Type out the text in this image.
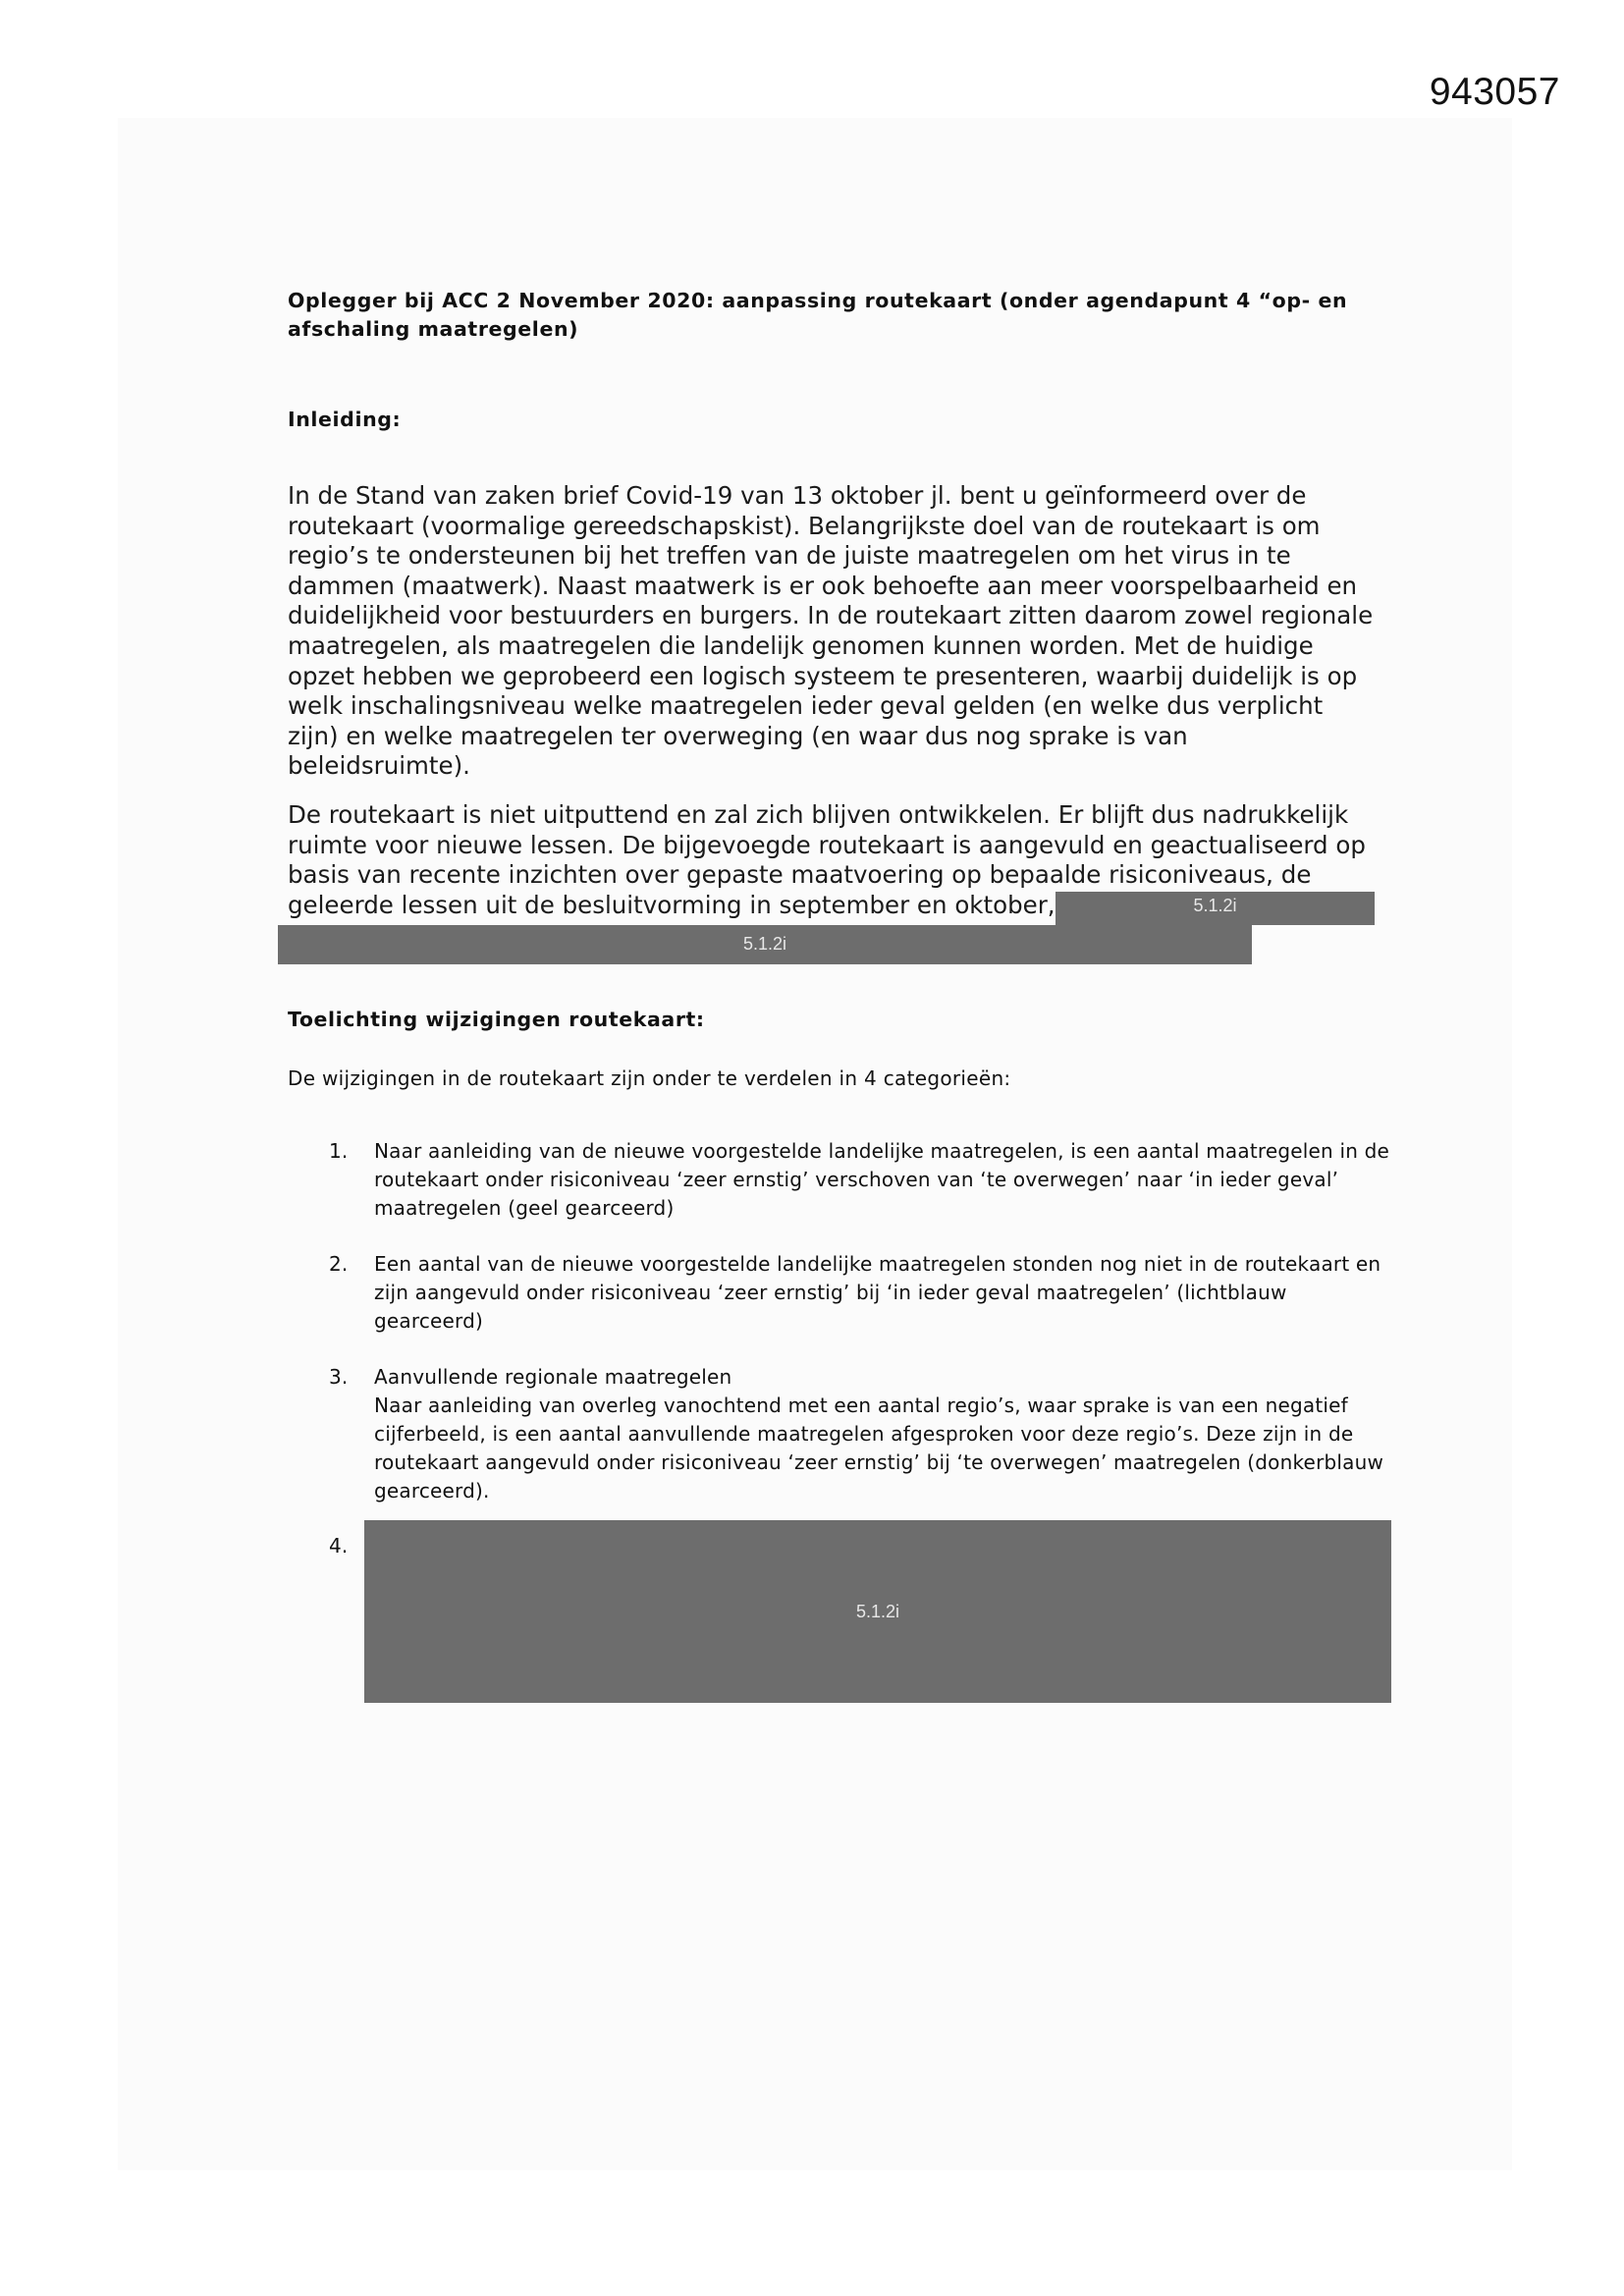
943057
Oplegger bij ACC 2 November 2020: aanpassing routekaart (onder agendapunt 4 “op- en afschaling maatregelen)
Inleiding:
In de Stand van zaken brief Covid-19 van 13 oktober jl. bent u geïnformeerd over de routekaart (voormalige gereedschapskist). Belangrijkste doel van de routekaart is om regio’s te ondersteunen bij het treffen van de juiste maatregelen om het virus in te dammen (maatwerk). Naast maatwerk is er ook behoefte aan meer voorspelbaarheid en duidelijkheid voor bestuurders en burgers. In de routekaart zitten daarom zowel regionale maatregelen, als maatregelen die landelijk genomen kunnen worden. Met de huidige opzet hebben we geprobeerd een logisch systeem te presenteren, waarbij duidelijk is op welk inschalingsniveau welke maatregelen ieder geval gelden (en welke dus verplicht zijn) en welke maatregelen ter overweging (en waar dus nog sprake is van beleidsruimte).
De routekaart is niet uitputtend en zal zich blijven ontwikkelen. Er blijft dus nadrukkelijk ruimte voor nieuwe lessen. De bijgevoegde routekaart is aangevuld en geactualiseerd op basis van recente inzichten over gepaste maatvoering op bepaalde risiconiveaus, de geleerde lessen uit de besluitvorming in september en oktober,	5.1.2i
5.1.2i
Toelichting wijzigingen routekaart:
De wijzigingen in de routekaart zijn onder te verdelen in 4 categorieën:
1.	Naar aanleiding van de nieuwe voorgestelde landelijke maatregelen, is een aantal maatregelen in de routekaart onder risiconiveau ‘zeer ernstig’ verschoven van ‘te overwegen’ naar ‘in ieder geval’ maatregelen (geel gearceerd)
2.	Een aantal van de nieuwe voorgestelde landelijke maatregelen stonden nog niet in de routekaart en zijn aangevuld onder risiconiveau ‘zeer ernstig’ bij ‘in ieder geval maatregelen’ (lichtblauw gearceerd)
3.	Aanvullende regionale maatregelen
Naar aanleiding van overleg vanochtend met een aantal regio’s, waar sprake is van een negatief cijferbeeld, is een aantal aanvullende maatregelen afgesproken voor deze regio’s. Deze zijn in de routekaart aangevuld onder risiconiveau ‘zeer ernstig’ bij ‘te overwegen’ maatregelen (donkerblauw gearceerd).
4.
5.1.2i
